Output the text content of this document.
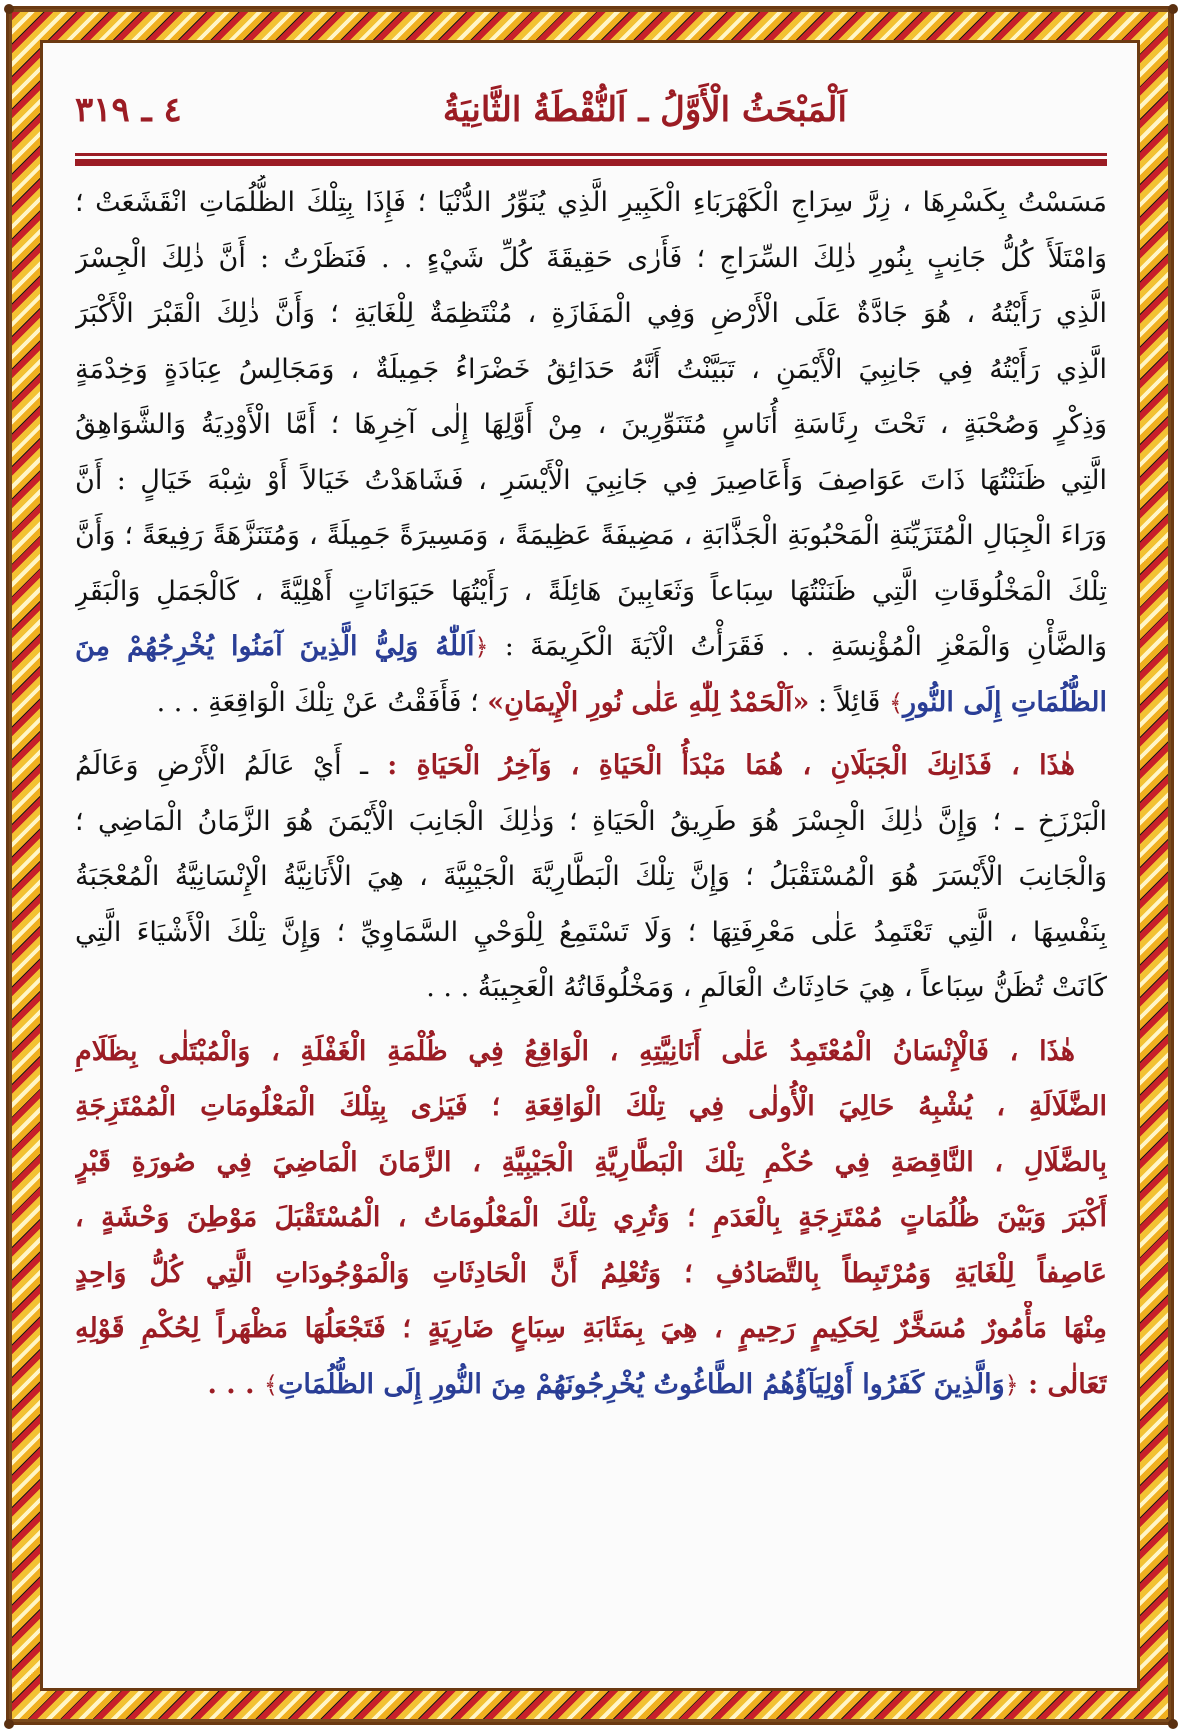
اَلْمَبْحَثُ الْأَوَّلُ ـ اَلنُّقْطَةُ الثَّانِيَةُ
٤ ـ ٣١٩
مَسَسْتُ بِكَسْرِهَا ، زِرَّ سِرَاجِ الْكَهْرَبَاءِ الْكَبِيرِ الَّذِي يُنَوِّرُ الدُّنْيَا ؛ فَإِذَا بِتِلْكَ الظُّلُمَاتِ انْقَشَعَتْ ؛
وَامْتَلَأَ كُلُّ جَانِبٍ بِنُورِ ذٰلِكَ السِّرَاجِ ؛ فَأَرٰى حَقِيقَةَ كُلِّ شَيْءٍ . . فَنَظَرْتُ : أَنَّ ذٰلِكَ الْجِسْرَ
الَّذِي رَأَيْتُهُ ، هُوَ جَادَّةٌ عَلَى الْأَرْضِ وَفِي الْمَفَازَةِ ، مُنْتَظِمَةٌ لِلْغَايَةِ ؛ وَأَنَّ ذٰلِكَ الْقَبْرَ الْأَكْبَرَ
الَّذِي رَأَيْتُهُ فِي جَانِبِيَ الْأَيْمَنِ ، تَبَيَّنْتُ أَنَّهُ حَدَائِقُ خَضْرَاءُ جَمِيلَةٌ ، وَمَجَالِسُ عِبَادَةٍ وَخِدْمَةٍ
وَذِكْرٍ وَصُحْبَةٍ ، تَحْتَ رِئَاسَةِ أُنَاسٍ مُتَنَوِّرِينَ ، مِنْ أَوَّلِهَا إِلٰى آخِرِهَا ؛ أَمَّا الْأَوْدِيَةُ وَالشَّوَاهِقُ
الَّتِي ظَنَنْتُهَا ذَاتَ عَوَاصِفَ وَأَعَاصِيرَ فِي جَانِبِيَ الْأَيْسَرِ ، فَشَاهَدْتُ خَيَالاً أَوْ شِبْهَ خَيَالٍ : أَنَّ
وَرَاءَ الْجِبَالِ الْمُتَزَيِّنَةِ الْمَحْبُوبَةِ الْجَذَّابَةِ ، مَضِيفَةً عَظِيمَةً ، وَمَسِيرَةً جَمِيلَةً ، وَمُتَنَزَّهَةً رَفِيعَةً ؛ وَأَنَّ
تِلْكَ الْمَخْلُوقَاتِ الَّتِي ظَنَنْتُهَا سِبَاعاً وَثَعَابِينَ هَائِلَةً ، رَأَيْتُهَا حَيَوَانَاتٍ أَهْلِيَّةً ، كَالْجَمَلِ وَالْبَقَرِ
وَالضَّأْنِ وَالْمَعْزِ الْمُؤْنِسَةِ . . فَقَرَأْتُ الْآيَةَ الْكَرِيمَةَ : ﴿اَللّٰهُ وَلِيُّ الَّذِينَ آمَنُوا يُخْرِجُهُمْ مِنَ
الظُّلُمَاتِ إِلَى النُّورِ﴾ قَائِلاً : «اَلْحَمْدُ لِلّٰهِ عَلٰى نُورِ الْإِيمَانِ» ؛ فَأَفَقْتُ عَنْ تِلْكَ الْوَاقِعَةِ . . .
هٰذَا ، فَذَانِكَ الْجَبَلَانِ ، هُمَا مَبْدَأُ الْحَيَاةِ ، وَآخِرُ الْحَيَاةِ : ـ أَيْ عَالَمُ الْأَرْضِ وَعَالَمُ
الْبَرْزَخِ ـ ؛ وَإِنَّ ذٰلِكَ الْجِسْرَ هُوَ طَرِيقُ الْحَيَاةِ ؛ وَذٰلِكَ الْجَانِبَ الْأَيْمَنَ هُوَ الزَّمَانُ الْمَاضِي ؛
وَالْجَانِبَ الْأَيْسَرَ هُوَ الْمُسْتَقْبَلُ ؛ وَإِنَّ تِلْكَ الْبَطَّارِيَّةَ الْجَيْبِيَّةَ ، هِيَ الْأَنَانِيَّةُ الْإِنْسَانِيَّةُ الْمُعْجَبَةُ
بِنَفْسِهَا ، الَّتِي تَعْتَمِدُ عَلٰى مَعْرِفَتِهَا ؛ وَلَا تَسْتَمِعُ لِلْوَحْيِ السَّمَاوِيِّ ؛ وَإِنَّ تِلْكَ الْأَشْيَاءَ الَّتِي
كَانَتْ تُظَنُّ سِبَاعاً ، هِيَ حَادِثَاتُ الْعَالَمِ ، وَمَخْلُوقَاتُهُ الْعَجِيبَةُ . . .
هٰذَا ، فَالْإِنْسَانُ الْمُعْتَمِدُ عَلٰى أَنَانِيَّتِهِ ، الْوَاقِعُ فِي ظُلْمَةِ الْغَفْلَةِ ، وَالْمُبْتَلٰى بِظَلَامِ
الضَّلَالَةِ ، يُشْبِهُ حَالِيَ الْأُولٰى فِي تِلْكَ الْوَاقِعَةِ ؛ فَيَرٰى بِتِلْكَ الْمَعْلُومَاتِ الْمُمْتَزِجَةِ
بِالضَّلَالِ ، النَّاقِصَةِ فِي حُكْمِ تِلْكَ الْبَطَّارِيَّةِ الْجَيْبِيَّةِ ، الزَّمَانَ الْمَاضِيَ فِي صُورَةِ قَبْرٍ
أَكْبَرَ وَبَيْنَ ظُلُمَاتٍ مُمْتَزِجَةٍ بِالْعَدَمِ ؛ وَتُرِي تِلْكَ الْمَعْلُومَاتُ ، الْمُسْتَقْبَلَ مَوْطِنَ وَحْشَةٍ ،
عَاصِفاً لِلْغَايَةِ وَمُرْتَبِطاً بِالتَّصَادُفِ ؛ وَتُعْلِمُ أَنَّ الْحَادِثَاتِ وَالْمَوْجُودَاتِ الَّتِي كُلُّ وَاحِدٍ
مِنْهَا مَأْمُورٌ مُسَخَّرٌ لِحَكِيمٍ رَحِيمٍ ، هِيَ بِمَثَابَةِ سِبَاعٍ ضَارِيَةٍ ؛ فَتَجْعَلُهَا مَظْهَراً لِحُكْمِ قَوْلِهِ
تَعَالٰى : ﴿وَالَّذِينَ كَفَرُوا أَوْلِيَآؤُهُمُ الطَّاغُوتُ يُخْرِجُونَهُمْ مِنَ النُّورِ إِلَى الظُّلُمَاتِ﴾ . . .
